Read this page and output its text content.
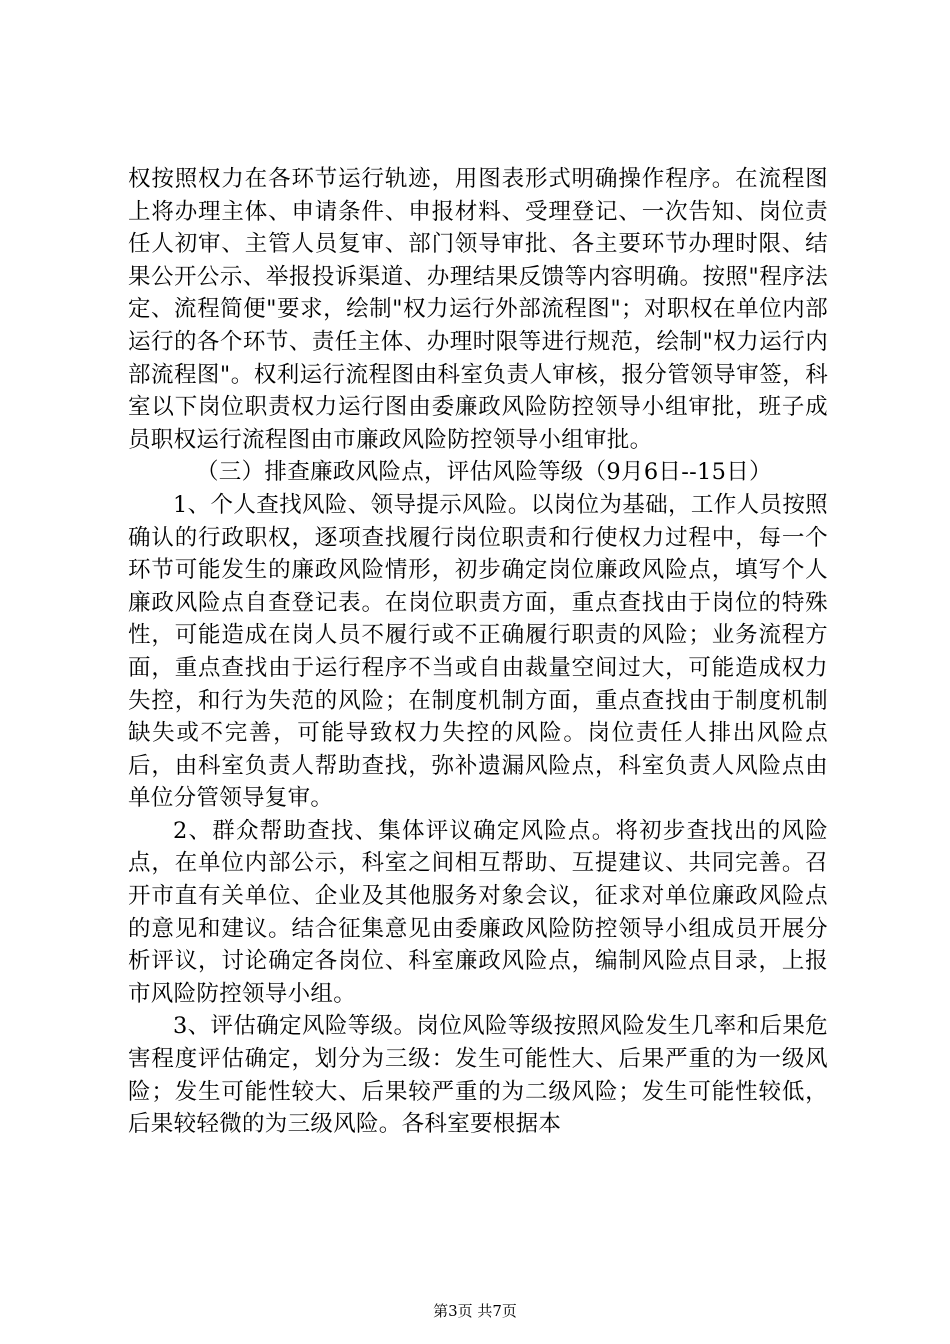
权按照权力在各环节运行轨迹，用图表形式明确操作程序。在流程图上将办理主体、申请条件、申报材料、受理登记、一次告知、岗位责任人初审、主管人员复审、部门领导审批、各主要环节办理时限、结果公开公示、举报投诉渠道、办理结果反馈等内容明确。按照"程序法定、流程简便"要求，绘制"权力运行外部流程图"；对职权在单位内部运行的各个环节、责任主体、办理时限等进行规范，绘制"权力运行内部流程图"。权利运行流程图由科室负责人审核，报分管领导审签，科室以下岗位职责权力运行图由委廉政风险防控领导小组审批，班子成员职权运行流程图由市廉政风险防控领导小组审批。

（三）排查廉政风险点，评估风险等级（9月6日--15日）

1、个人查找风险、领导提示风险。以岗位为基础，工作人员按照确认的行政职权，逐项查找履行岗位职责和行使权力过程中，每一个环节可能发生的廉政风险情形，初步确定岗位廉政风险点，填写个人廉政风险点自查登记表。在岗位职责方面，重点查找由于岗位的特殊性，可能造成在岗人员不履行或不正确履行职责的风险；业务流程方面，重点查找由于运行程序不当或自由裁量空间过大，可能造成权力失控，和行为失范的风险；在制度机制方面，重点查找由于制度机制缺失或不完善，可能导致权力失控的风险。岗位责任人排出风险点后，由科室负责人帮助查找，弥补遗漏风险点，科室负责人风险点由单位分管领导复审。

2、群众帮助查找、集体评议确定风险点。将初步查找出的风险点，在单位内部公示，科室之间相互帮助、互提建议、共同完善。召开市直有关单位、企业及其他服务对象会议，征求对单位廉政风险点的意见和建议。结合征集意见由委廉政风险防控领导小组成员开展分析评议，讨论确定各岗位、科室廉政风险点，编制风险点目录，上报市风险防控领导小组。

3、评估确定风险等级。岗位风险等级按照风险发生几率和后果危害程度评估确定，划分为三级：发生可能性大、后果严重的为一级风险；发生可能性较大、后果较严重的为二级风险；发生可能性较低，后果较轻微的为三级风险。各科室要根据本

第3页 共7页
